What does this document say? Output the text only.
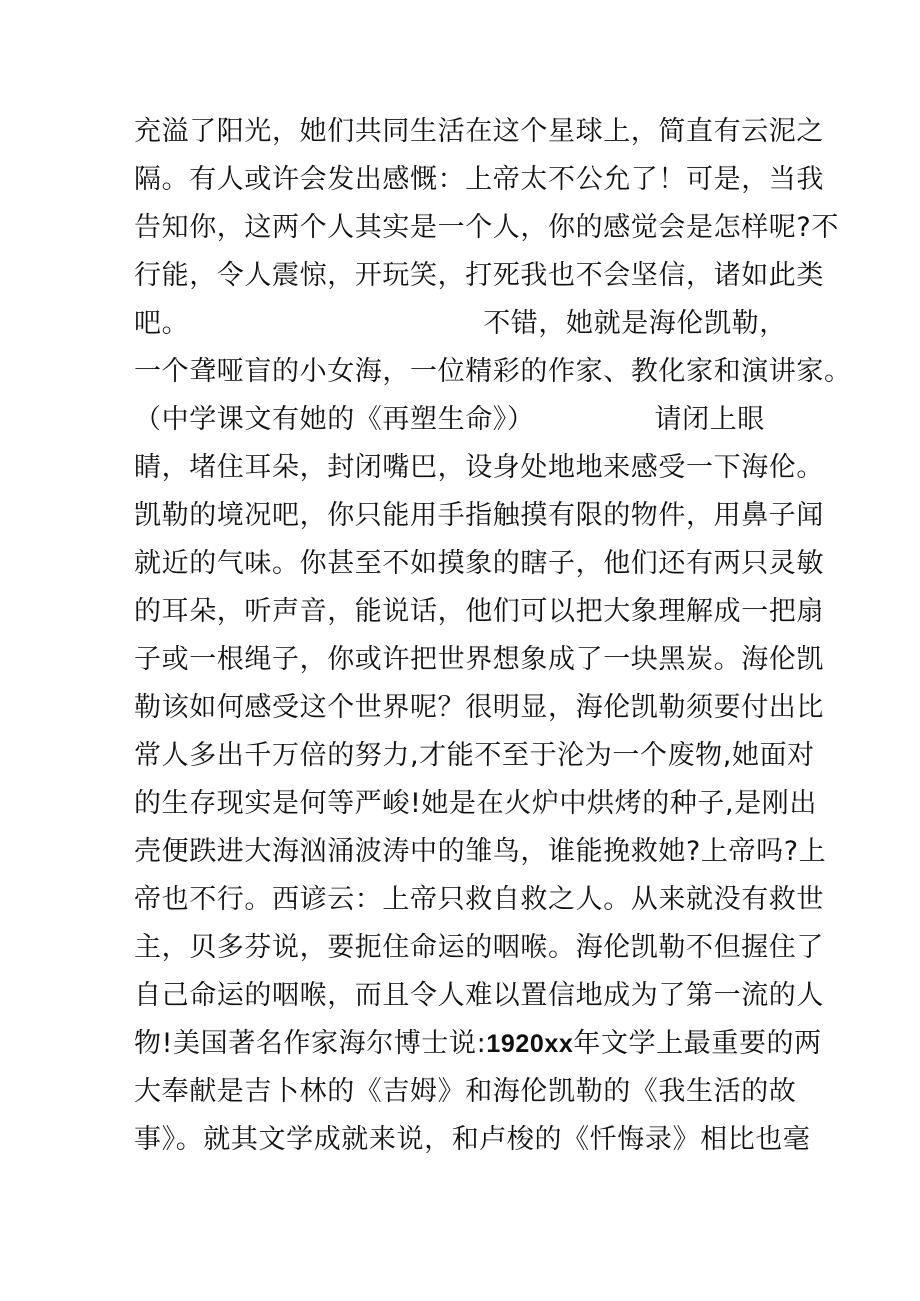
充溢了阳光，她们共同生活在这个星球上，简直有云泥之
隔。有人或许会发出感慨：上帝太不公允了！可是，当我
告知你，这两个人其实是一个人，你的感觉会是怎样呢?不
行能，令人震惊，开玩笑，打死我也不会坚信，诸如此类
吧。	不错，她就是海伦凯勒，
一个聋哑盲的小女海，一位精彩的作家、教化家和演讲家。
（中学课文有她的《再塑生命》）	请闭上眼
睛，堵住耳朵，封闭嘴巴，设身处地地来感受一下海伦。
凯勒的境况吧，你只能用手指触摸有限的物件，用鼻子闻
就近的气味。你甚至不如摸象的瞎子，他们还有两只灵敏
的耳朵，听声音，能说话，他们可以把大象理解成一把扇
子或一根绳子，你或许把世界想象成了一块黑炭。海伦凯
勒该如何感受这个世界呢？很明显，海伦凯勒须要付出比
常人多出千万倍的努力,才能不至于沦为一个废物,她面对
的生存现实是何等严峻!她是在火炉中烘烤的种子,是刚出
壳便跌进大海汹涌波涛中的雏鸟，谁能挽救她?上帝吗?上
帝也不行。西谚云：上帝只救自救之人。从来就没有救世
主，贝多芬说，要扼住命运的咽喉。海伦凯勒不但握住了
自己命运的咽喉，而且令人难以置信地成为了第一流的人
物!美国著名作家海尔博士说:1920xx年文学上最重要的两
大奉献是吉卜林的《吉姆》和海伦凯勒的《我生活的故
事》。就其文学成就来说，和卢梭的《忏悔录》相比也毫
